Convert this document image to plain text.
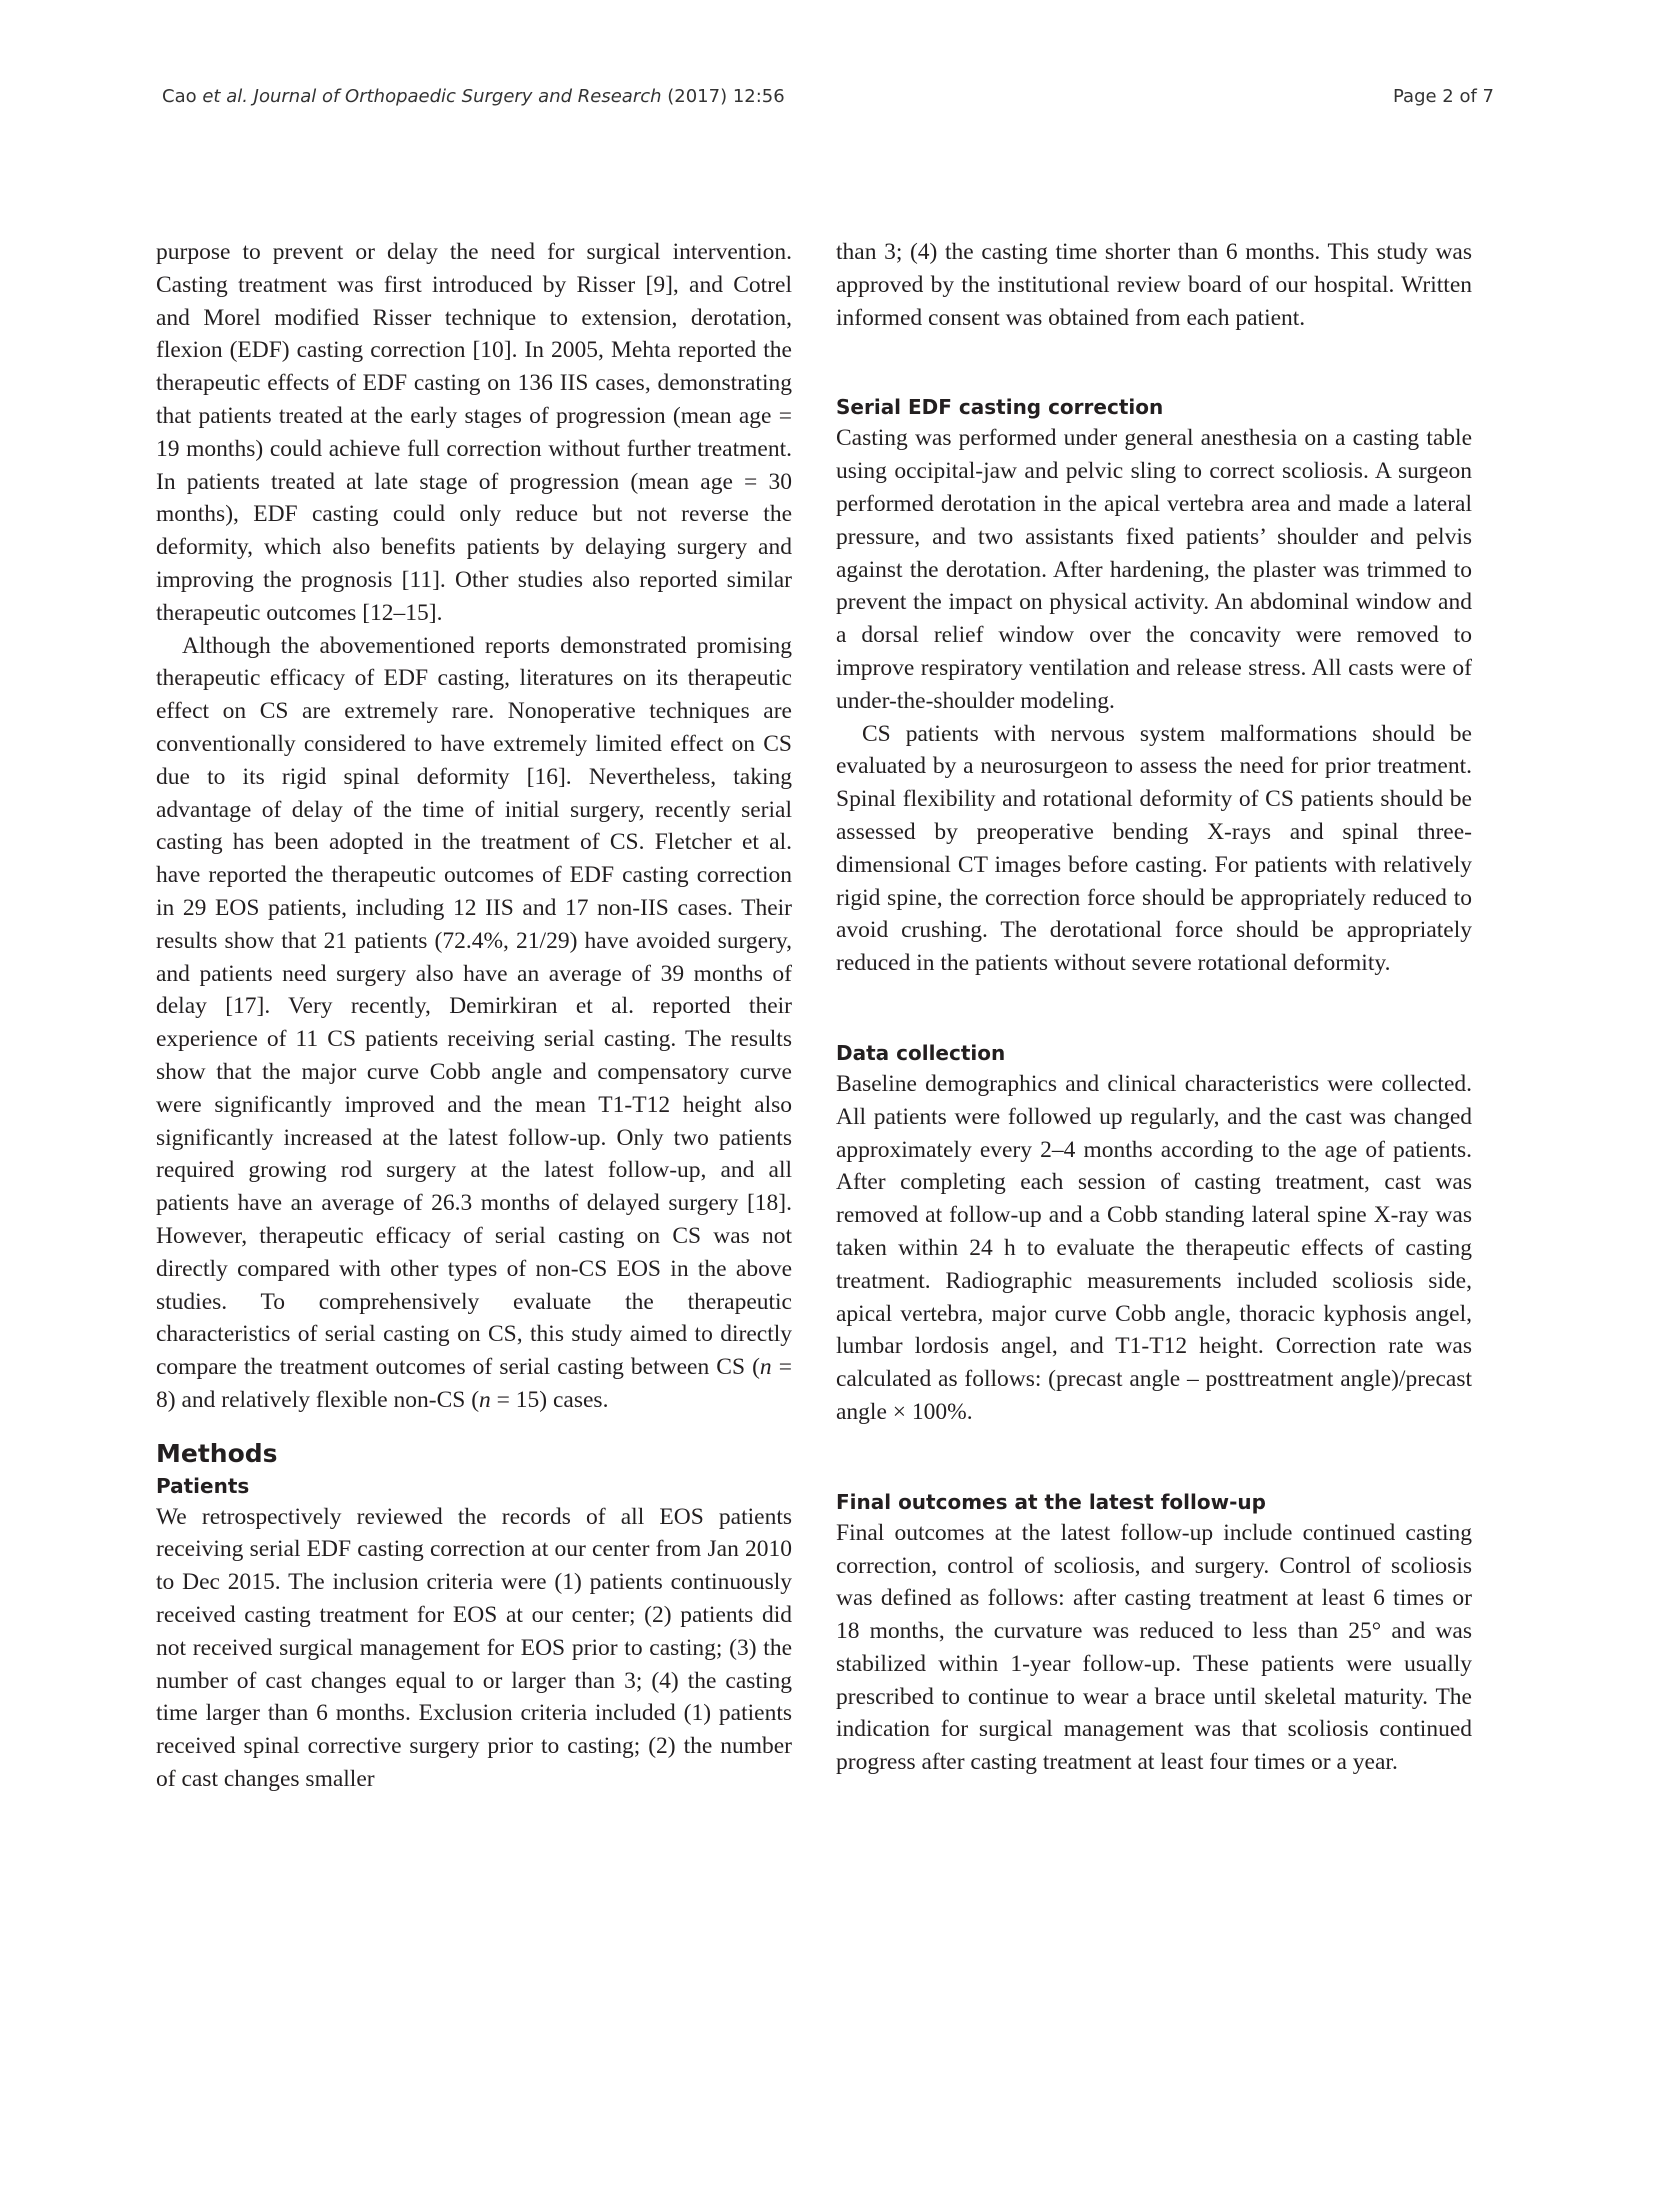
Cao et al. Journal of Orthopaedic Surgery and Research (2017) 12:56	Page 2 of 7

purpose to prevent or delay the need for surgical intervention. Casting treatment was first introduced by Risser [9], and Cotrel and Morel modified Risser technique to extension, derotation, flexion (EDF) casting correction [10]. In 2005, Mehta reported the therapeutic effects of EDF casting on 136 IIS cases, demonstrating that patients treated at the early stages of progression (mean age = 19 months) could achieve full correction without further treatment. In patients treated at late stage of progression (mean age = 30 months), EDF casting could only reduce but not reverse the deformity, which also benefits patients by delaying surgery and improving the prognosis [11]. Other studies also reported similar therapeutic outcomes [12–15].

Although the abovementioned reports demonstrated promising therapeutic efficacy of EDF casting, literatures on its therapeutic effect on CS are extremely rare. Nonoperative techniques are conventionally considered to have extremely limited effect on CS due to its rigid spinal deformity [16]. Nevertheless, taking advantage of delay of the time of initial surgery, recently serial casting has been adopted in the treatment of CS. Fletcher et al. have reported the therapeutic outcomes of EDF casting correction in 29 EOS patients, including 12 IIS and 17 non-IIS cases. Their results show that 21 patients (72.4%, 21/29) have avoided surgery, and patients need surgery also have an average of 39 months of delay [17]. Very recently, Demirkiran et al. reported their experience of 11 CS patients receiving serial casting. The results show that the major curve Cobb angle and compensatory curve were significantly improved and the mean T1-T12 height also significantly increased at the latest follow-up. Only two patients required growing rod surgery at the latest follow-up, and all patients have an average of 26.3 months of delayed surgery [18]. However, therapeutic efficacy of serial casting on CS was not directly compared with other types of non-CS EOS in the above studies. To comprehensively evaluate the therapeutic characteristics of serial casting on CS, this study aimed to directly compare the treatment outcomes of serial casting between CS (n = 8) and relatively flexible non-CS (n = 15) cases.

Methods
Patients

We retrospectively reviewed the records of all EOS patients receiving serial EDF casting correction at our center from Jan 2010 to Dec 2015. The inclusion criteria were (1) patients continuously received casting treatment for EOS at our center; (2) patients did not received surgical management for EOS prior to casting; (3) the number of cast changes equal to or larger than 3; (4) the casting time larger than 6 months. Exclusion criteria included (1) patients received spinal corrective surgery prior to casting; (2) the number of cast changes smaller

than 3; (4) the casting time shorter than 6 months. This study was approved by the institutional review board of our hospital. Written informed consent was obtained from each patient.

Serial EDF casting correction

Casting was performed under general anesthesia on a casting table using occipital-jaw and pelvic sling to correct scoliosis. A surgeon performed derotation in the apical vertebra area and made a lateral pressure, and two assistants fixed patients’ shoulder and pelvis against the derotation. After hardening, the plaster was trimmed to prevent the impact on physical activity. An abdominal window and a dorsal relief window over the concavity were removed to improve respiratory ventilation and release stress. All casts were of under-the-shoulder modeling.

CS patients with nervous system malformations should be evaluated by a neurosurgeon to assess the need for prior treatment. Spinal flexibility and rotational deformity of CS patients should be assessed by preoperative bending X-rays and spinal three-dimensional CT images before casting. For patients with relatively rigid spine, the correction force should be appropriately reduced to avoid crushing. The derotational force should be appropriately reduced in the patients without severe rotational deformity.

Data collection

Baseline demographics and clinical characteristics were collected. All patients were followed up regularly, and the cast was changed approximately every 2–4 months according to the age of patients. After completing each session of casting treatment, cast was removed at follow-up and a Cobb standing lateral spine X-ray was taken within 24 h to evaluate the therapeutic effects of casting treatment. Radiographic measurements included scoliosis side, apical vertebra, major curve Cobb angle, thoracic kyphosis angel, lumbar lordosis angel, and T1-T12 height. Correction rate was calculated as follows: (precast angle – posttreatment angle)/precast angle × 100%.

Final outcomes at the latest follow-up

Final outcomes at the latest follow-up include continued casting correction, control of scoliosis, and surgery. Control of scoliosis was defined as follows: after casting treatment at least 6 times or 18 months, the curvature was reduced to less than 25° and was stabilized within 1-year follow-up. These patients were usually prescribed to continue to wear a brace until skeletal maturity. The indication for surgical management was that scoliosis continued progress after casting treatment at least four times or a year.
